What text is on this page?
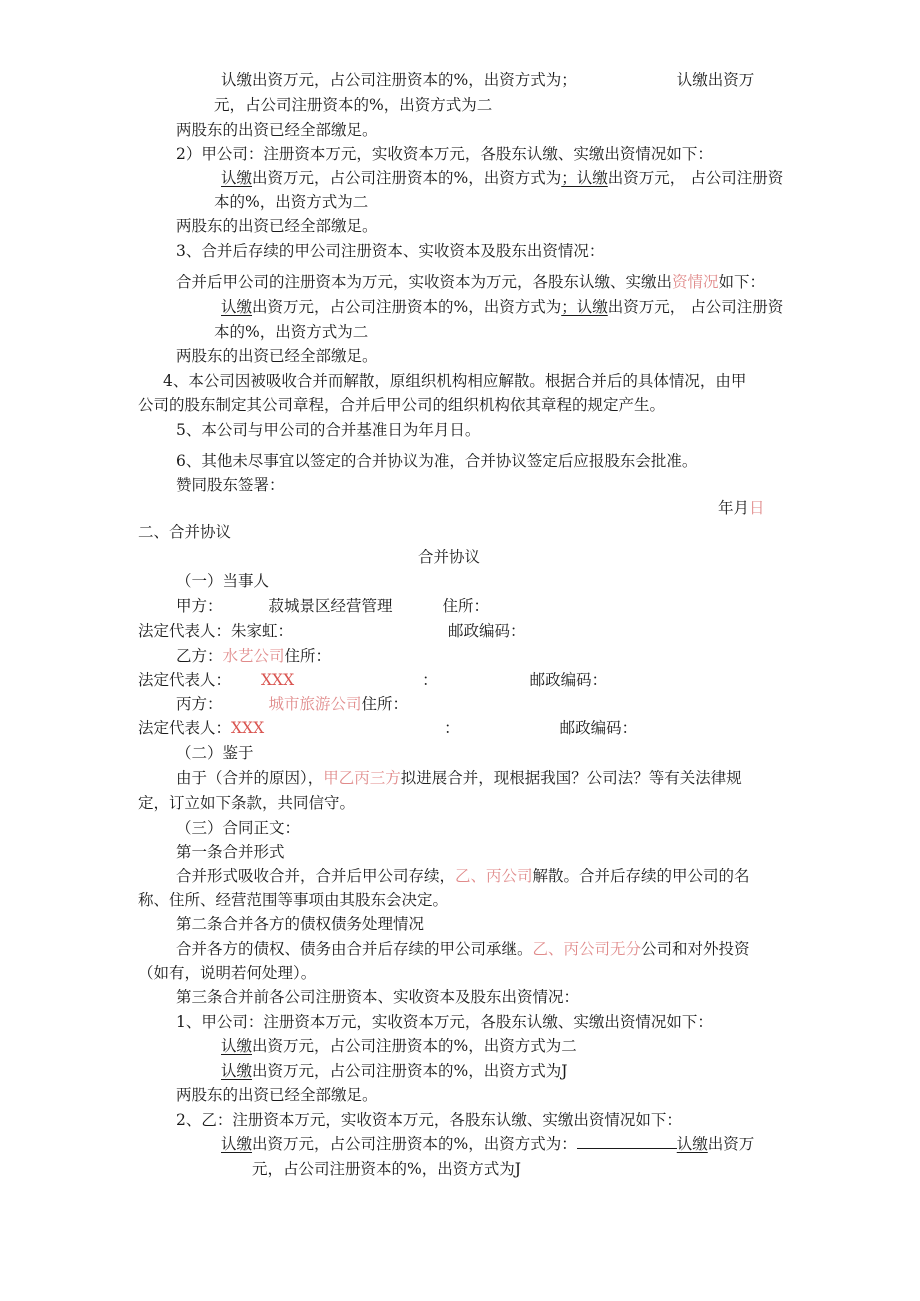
认缴出资万元，占公司注册资本的%，出资方式为；	认缴出资万
元，占公司注册资本的%，出资方式为二
两股东的出资已经全部缴足。
2）甲公司：注册资本万元，实收资本万元，各股东认缴、实缴出资情况如下：
认缴出资万元，占公司注册资本的%，出资方式为；认缴出资万元， 占公司注册资
本的%，出资方式为二
两股东的出资已经全部缴足。
3、合并后存续的甲公司注册资本、实收资本及股东出资情况：
合并后甲公司的注册资本为万元，实收资本为万元，各股东认缴、实缴出资情况如下：
认缴出资万元，占公司注册资本的%，出资方式为；认缴出资万元， 占公司注册资
本的%，出资方式为二
两股东的出资已经全部缴足。
4、本公司因被吸收合并而解散，原组织机构相应解散。根据合并后的具体情况，由甲
公司的股东制定其公司章程，合并后甲公司的组织机构依其章程的规定产生。
5、本公司与甲公司的合并基准日为年月日。
6、其他未尽事宜以签定的合并协议为准，合并协议签定后应报股东会批准。
赞同股东签署：
年月日
二、合并协议
合并协议
（一）当事人
甲方：	菽城景区经营管理	住所：
法定代表人：朱家虹：	邮政编码：
乙方：水艺公司住所：
法定代表人： XXX	：	邮政编码：
丙方：	城市旅游公司住所：
法定代表人：XXX	：	邮政编码：
（二）鉴于
由于（合并的原因），甲乙丙三方拟进展合并，现根据我国？公司法？等有关法律规
定，订立如下条款，共同信守。
（三）合同正文：
第一条合并形式
合并形式吸收合并，合并后甲公司存续，乙、丙公司解散。合并后存续的甲公司的名
称、住所、经营范围等事项由其股东会决定。
第二条合并各方的债权债务处理情况
合并各方的债权、债务由合并后存续的甲公司承继。乙、丙公司无分公司和对外投资
（如有，说明若何处理）。
第三条合并前各公司注册资本、实收资本及股东出资情况：
1、甲公司：注册资本万元，实收资本万元，各股东认缴、实缴出资情况如下：
认缴出资万元，占公司注册资本的%，出资方式为二
认缴出资万元，占公司注册资本的%，出资方式为J
两股东的出资已经全部缴足。
2、乙：注册资本万元，实收资本万元，各股东认缴、实缴出资情况如下：
认缴出资万元，占公司注册资本的%，出资方式为：	认缴出资万
元，占公司注册资本的%，出资方式为J
